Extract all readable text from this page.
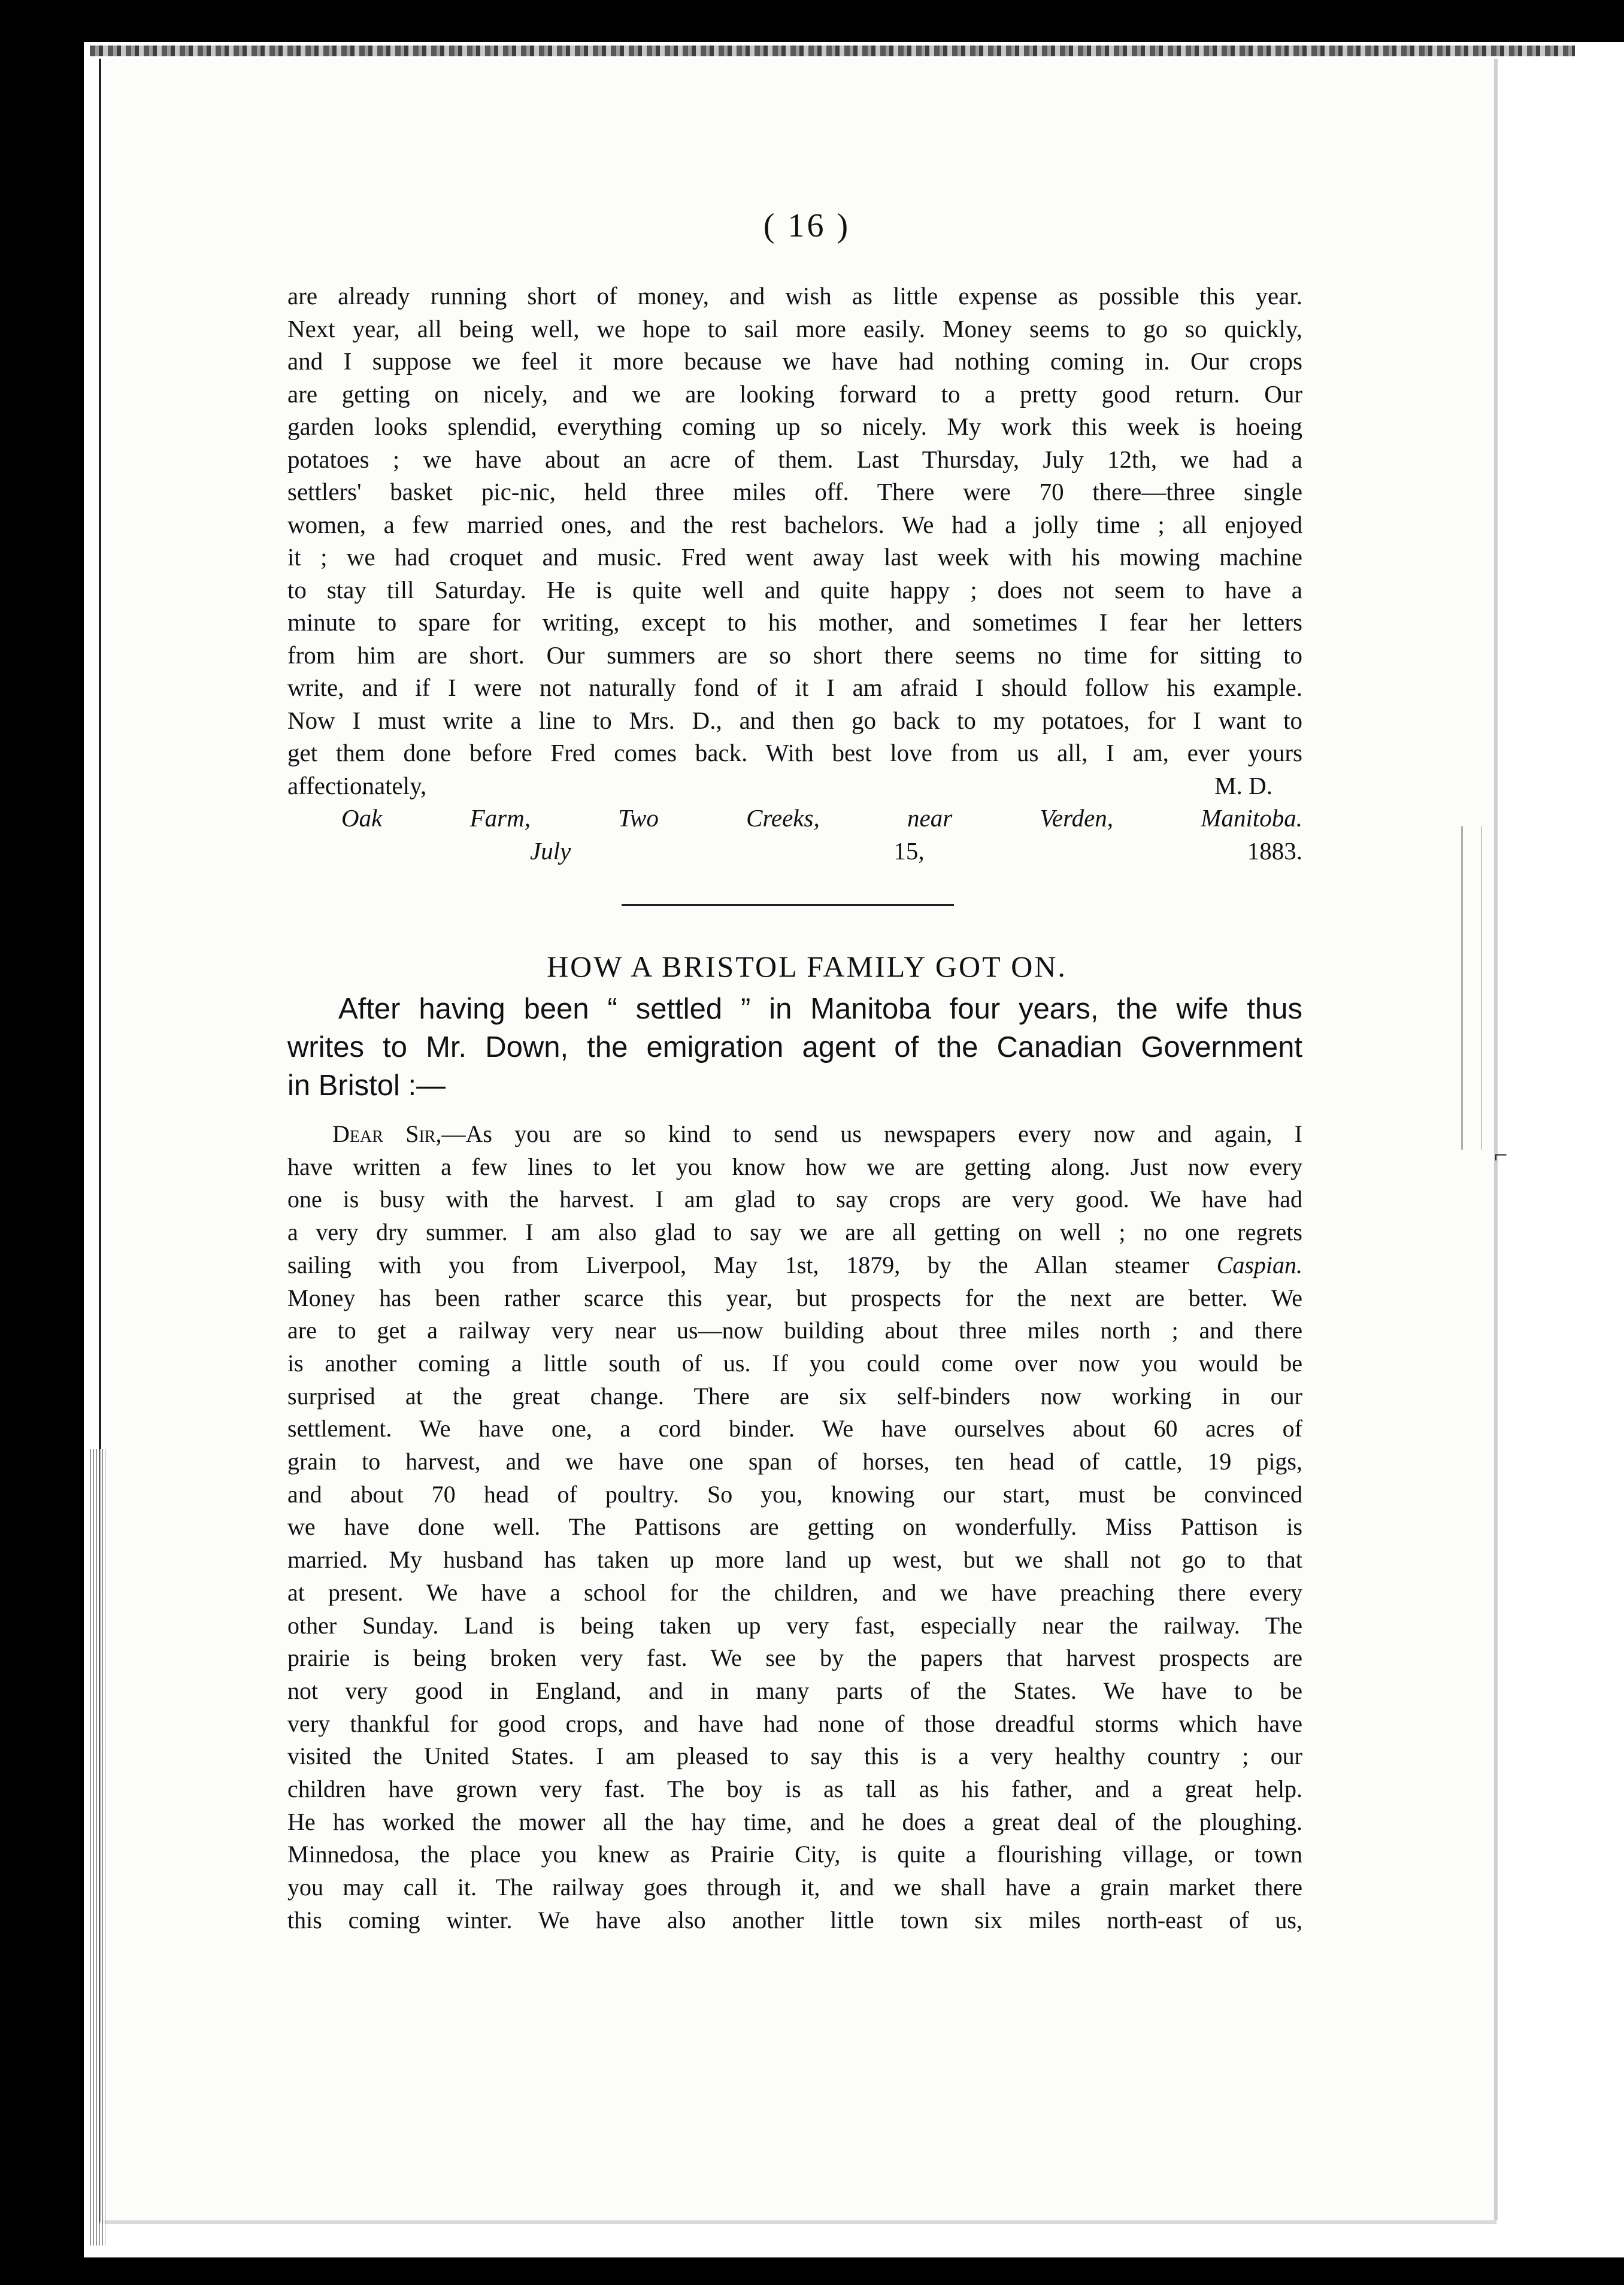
⌐
( 16 )

are already running short of money, and wish as little expense as possible this year.

Next year, all being well, we hope to sail more easily. Money seems to go so quickly,

and I suppose we feel it more because we have had nothing coming in. Our crops

are getting on nicely, and we are looking forward to a pretty good return. Our

garden looks splendid, everything coming up so nicely. My work this week is hoeing

potatoes ; we have about an acre of them. Last Thursday, July 12th, we had a

settlers' basket pic-nic, held three miles off. There were 70 there—three single

women, a few married ones, and the rest bachelors. We had a jolly time ; all enjoyed

it ; we had croquet and music. Fred went away last week with his mowing machine

to stay till Saturday. He is quite well and quite happy ; does not seem to have a

minute to spare for writing, except to his mother, and sometimes I fear her letters

from him are short. Our summers are so short there seems no time for sitting to

write, and if I were not naturally fond of it I am afraid I should follow his example.

Now I must write a line to Mrs. D., and then go back to my potatoes, for I want to

get them done before Fred comes back. With best love from us all, I am, ever yours

affectionately,	M. D.

Oak Farm, Two Creeks, near Verden, Manitoba.

July	15, 1883.

HOW A BRISTOL FAMILY GOT ON.
After having been “ settled ” in Manitoba four years, the wife thus
writes to Mr. Down, the emigration agent of the Canadian Government
in Bristol :—

Dear Sir,—As you are so kind to send us newspapers every now and again, I

have written a few lines to let you know how we are getting along. Just now every

one is busy with the harvest. I am glad to say crops are very good. We have had

a very dry summer. I am also glad to say we are all getting on well ; no one regrets

sailing with you from Liverpool, May 1st, 1879, by the Allan steamer Caspian.

Money has been rather scarce this year, but prospects for the next are better. We

are to get a railway very near us—now building about three miles north ; and there

is another coming a little south of us. If you could come over now you would be

surprised at the great change. There are six self-binders now working in our

settlement. We have one, a cord binder. We have ourselves about 60 acres of

grain to harvest, and we have one span of horses, ten head of cattle, 19 pigs,

and about 70 head of poultry. So you, knowing our start, must be convinced

we have done well. The Pattisons are getting on wonderfully. Miss Pattison is

married. My husband has taken up more land up west, but we shall not go to that

at present. We have a school for the children, and we have preaching there every

other Sunday. Land is being taken up very fast, especially near the railway. The

prairie is being broken very fast. We see by the papers that harvest prospects are

not very good in England, and in many parts of the States. We have to be

very thankful for good crops, and have had none of those dreadful storms which have

visited the United States. I am pleased to say this is a very healthy country ; our

children have grown very fast. The boy is as tall as his father, and a great help.

He has worked the mower all the hay time, and he does a great deal of the ploughing.

Minnedosa, the place you knew as Prairie City, is quite a flourishing village, or town

you may call it. The railway goes through it, and we shall have a grain market there

this coming winter. We have also another little town six miles north-east of us,
